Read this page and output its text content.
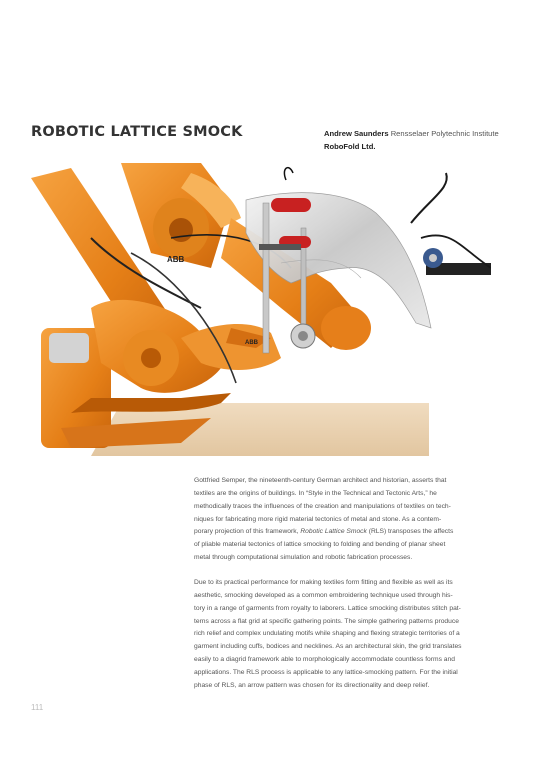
ROBOTIC LATTICE SMOCK	Andrew Saunders Rensselaer Polytechnic Institute
RoboFold Ltd.
ABB
ABB

Gottfried Semper, the nineteenth-century German architect and historian, asserts that
textiles are the origins of buildings. In “Style in the Technical and Tectonic Arts,” he
methodically traces the influences of the creation and manipulations of textiles on tech-
niques for fabricating more rigid material tectonics of metal and stone. As a contem-
porary projection of this framework, Robotic Lattice Smock (RLS) transposes the affects
of pliable material tectonics of lattice smocking to folding and bending of planar sheet
metal through computational simulation and robotic fabrication processes.

Due to its practical performance for making textiles form fitting and flexible as well as its
aesthetic, smocking developed as a common embroidering technique used through his-
tory in a range of garments from royalty to laborers. Lattice smocking distributes stitch pat-
terns across a flat grid at specific gathering points. The simple gathering patterns produce
rich relief and complex undulating motifs while shaping and flexing strategic territories of a
garment including cuffs, bodices and necklines. As an architectural skin, the grid translates
easily to a diagrid framework able to morphologically accommodate countless forms and
applications. The RLS process is applicable to any lattice-smocking pattern. For the initial
phase of RLS, an arrow pattern was chosen for its directionality and deep relief.

111
